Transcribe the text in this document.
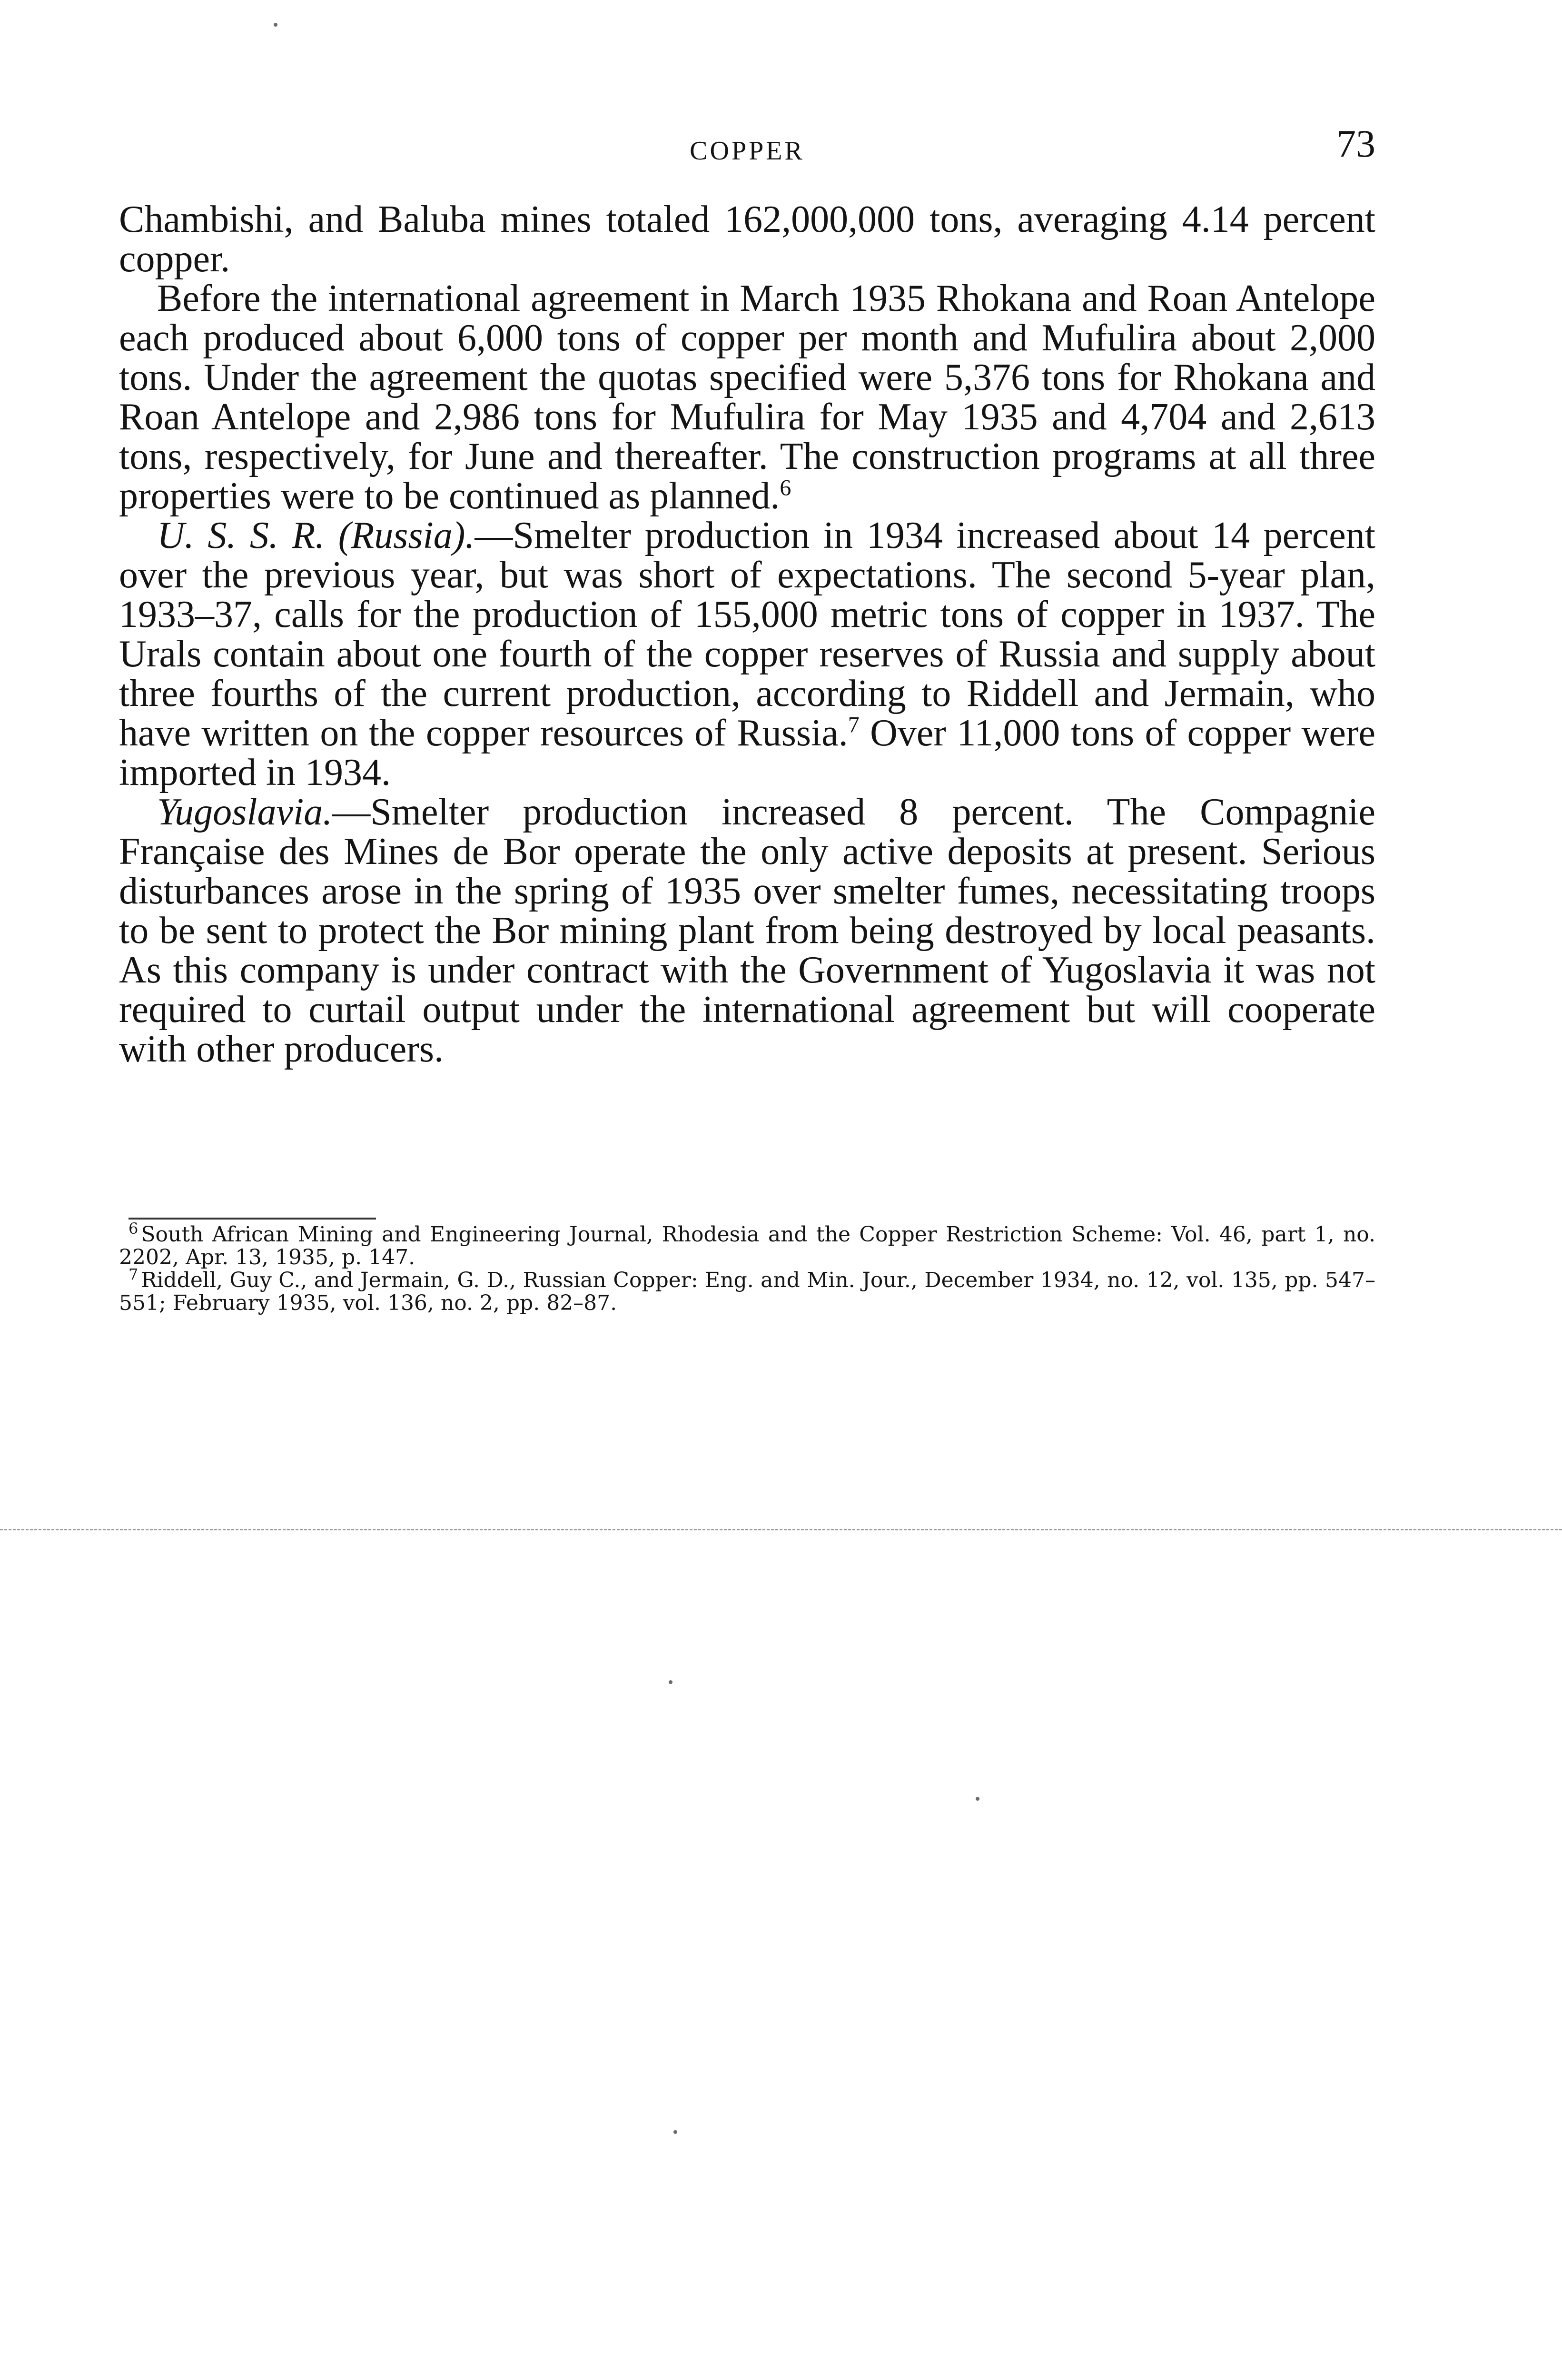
COPPER	73

Chambishi, and Baluba mines totaled 162,000,000 tons, averaging 4.14 percent copper.

Before the international agreement in March 1935 Rhokana and Roan Antelope each produced about 6,000 tons of copper per month and Mufulira about 2,000 tons. Under the agreement the quotas specified were 5,376 tons for Rhokana and Roan Antelope and 2,986 tons for Mufulira for May 1935 and 4,704 and 2,613 tons, respectively, for June and thereafter. The construction programs at all three properties were to be continued as planned.$^6$

U. S. S. R. (Russia).—Smelter production in 1934 increased about 14 percent over the previous year, but was short of expectations. The second 5-year plan, 1933–37, calls for the production of 155,000 metric tons of copper in 1937. The Urals contain about one fourth of the copper reserves of Russia and supply about three fourths of the current production, according to Riddell and Jermain, who have written on the copper resources of Russia.$^7$ Over 11,000 tons of copper were imported in 1934.

Yugoslavia.—Smelter production increased 8 percent. The Compagnie Française des Mines de Bor operate the only active deposits at present. Serious disturbances arose in the spring of 1935 over smelter fumes, necessitating troops to be sent to protect the Bor mining plant from being destroyed by local peasants. As this company is under contract with the Government of Yugoslavia it was not required to curtail output under the international agreement but will cooperate with other producers.

$^6$ South African Mining and Engineering Journal, Rhodesia and the Copper Restriction Scheme: Vol. 46, part 1, no. 2202, Apr. 13, 1935, p. 147.

$^7$ Riddell, Guy C., and Jermain, G. D., Russian Copper: Eng. and Min. Jour., December 1934, no. 12, vol. 135, pp. 547–551; February 1935, vol. 136, no. 2, pp. 82–87.
